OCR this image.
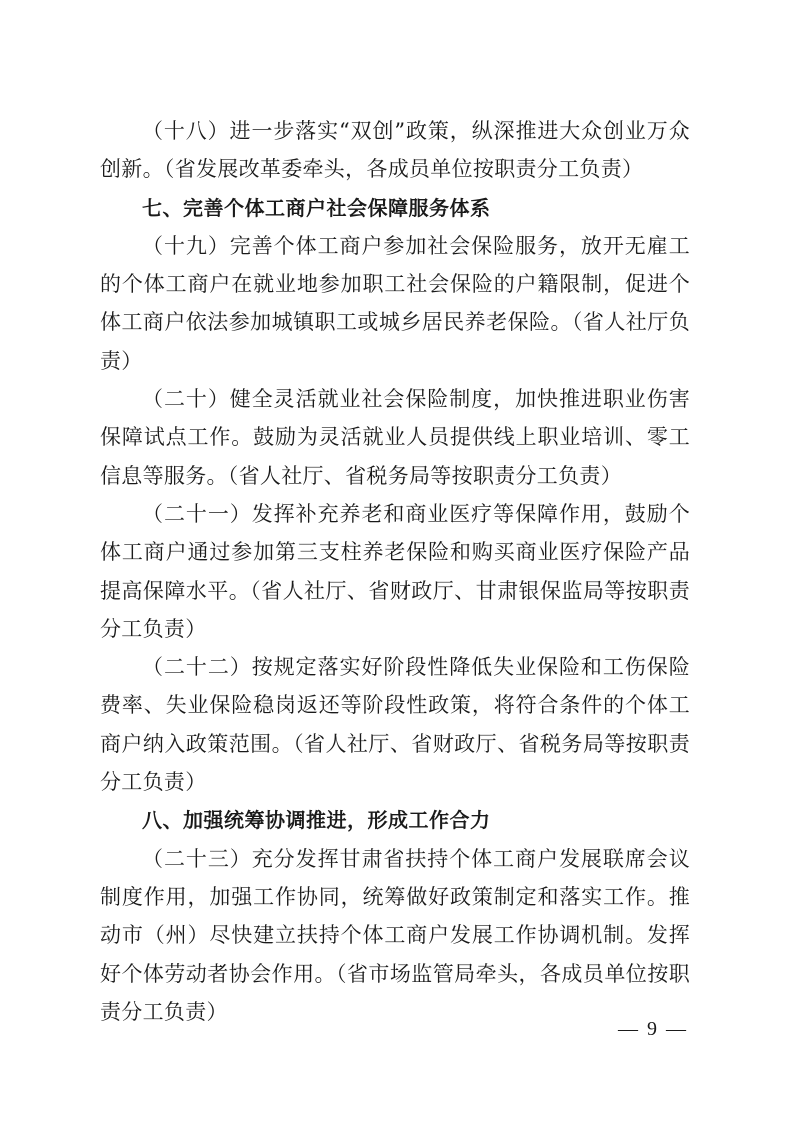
（十八）进一步落实“双创”政策，纵深推进大众创业万众创新。（省发展改革委牵头，各成员单位按职责分工负责）

七、完善个体工商户社会保障服务体系

（十九）完善个体工商户参加社会保险服务，放开无雇工的个体工商户在就业地参加职工社会保险的户籍限制，促进个体工商户依法参加城镇职工或城乡居民养老保险。（省人社厅负责）

（二十）健全灵活就业社会保险制度，加快推进职业伤害保障试点工作。鼓励为灵活就业人员提供线上职业培训、零工信息等服务。（省人社厅、省税务局等按职责分工负责）

（二十一）发挥补充养老和商业医疗等保障作用，鼓励个体工商户通过参加第三支柱养老保险和购买商业医疗保险产品提高保障水平。（省人社厅、省财政厅、甘肃银保监局等按职责分工负责）

（二十二）按规定落实好阶段性降低失业保险和工伤保险费率、失业保险稳岗返还等阶段性政策，将符合条件的个体工商户纳入政策范围。（省人社厅、省财政厅、省税务局等按职责分工负责）

八、加强统筹协调推进，形成工作合力

（二十三）充分发挥甘肃省扶持个体工商户发展联席会议制度作用，加强工作协同，统筹做好政策制定和落实工作。推动市（州）尽快建立扶持个体工商户发展工作协调机制。发挥好个体劳动者协会作用。（省市场监管局牵头，各成员单位按职责分工负责）

— 9 —
